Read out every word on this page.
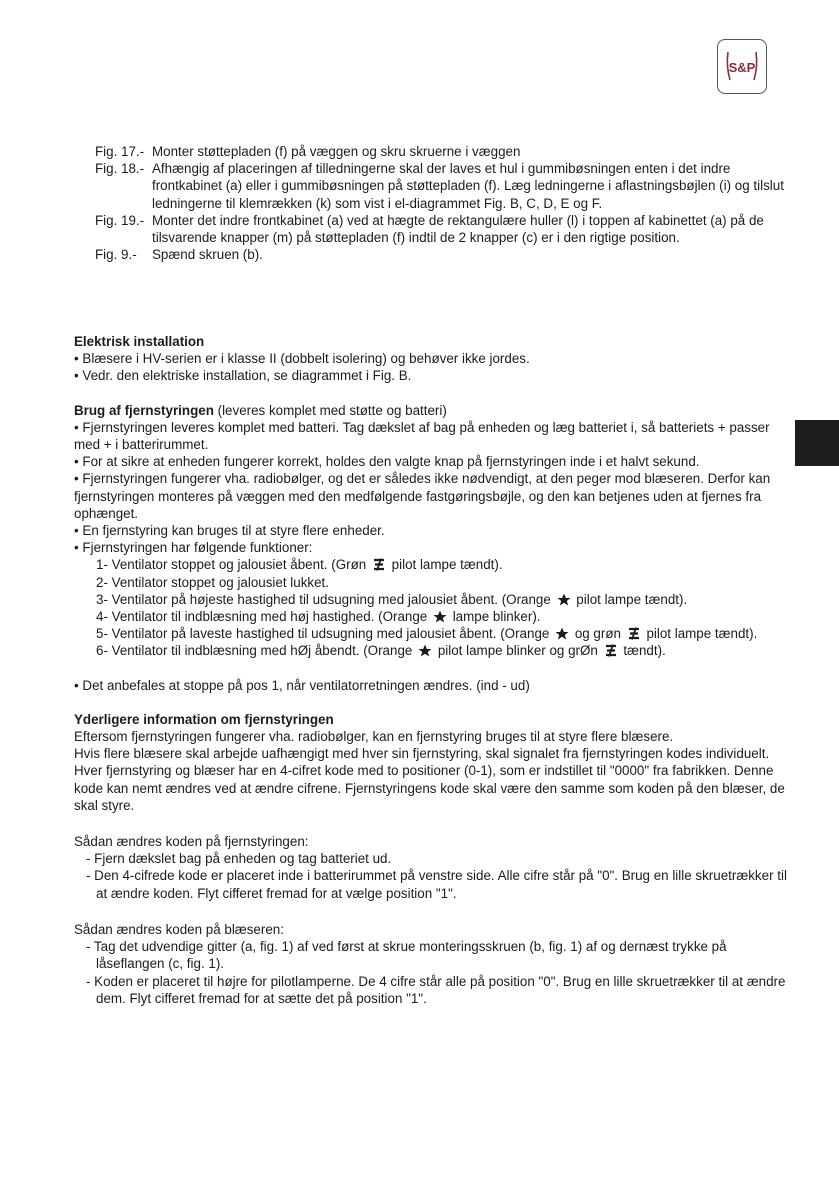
S&P
Fig. 17.- Monter støttepladen (f) på væggen og skru skruerne i væggen
Fig. 18.- Afhængig af placeringen af tilledningerne skal der laves et hul i gummibøsningen enten i det indre frontkabinet (a) eller i gummibøsningen på støttepladen (f). Læg ledningerne i aflastningsbøjlen (i) og tilslut ledningerne til klemrækken (k) som vist i el-diagrammet Fig. B, C, D, E og F.
Fig. 19.- Monter det indre frontkabinet (a) ved at hægte de rektangulære huller (l) i toppen af kabinettet (a) på de tilsvarende knapper (m) på støttepladen (f) indtil de 2 knapper (c) er i den rigtige position.
Fig. 9.-	Spænd skruen (b).

Elektrisk installation

• Blæsere i HV-serien er i klasse II (dobbelt isolering) og behøver ikke jordes.

• Vedr. den elektriske installation, se diagrammet i Fig. B.

Brug af fjernstyringen (leveres komplet med støtte og batteri)

• Fjernstyringen leveres komplet med batteri. Tag dækslet af bag på enheden og læg batteriet i, så batteriets + passer med + i batterirummet.

• For at sikre at enheden fungerer korrekt, holdes den valgte knap på fjernstyringen inde i et halvt sekund.

• Fjernstyringen fungerer vha. radiobølger, og det er således ikke nødvendigt, at den peger mod blæseren. Derfor kan fjernstyringen monteres på væggen med den medfølgende fastgøringsbøjle, og den kan betjenes uden at fjernes fra ophænget.

• En fjernstyring kan bruges til at styre flere enheder.

• Fjernstyringen har følgende funktioner:

1- Ventilator stoppet og jalousiet åbent. (Grøn pilot lampe tændt).

2- Ventilator stoppet og jalousiet lukket.

3- Ventilator på højeste hastighed til udsugning med jalousiet åbent. (Orange pilot lampe tændt).

4- Ventilator til indblæsning med høj hastighed. (Orange lampe blinker).

5- Ventilator på laveste hastighed til udsugning med jalousiet åbent. (Orange og grøn pilot lampe tændt).

6- Ventilator til indblæsning med hØj åbendt. (Orange pilot lampe blinker og grØn tændt).

• Det anbefales at stoppe på pos 1, når ventilatorretningen ændres. (ind - ud)

Yderligere information om fjernstyringen

Eftersom fjernstyringen fungerer vha. radiobølger, kan en fjernstyring bruges til at styre flere blæsere.

Hvis flere blæsere skal arbejde uafhængigt med hver sin fjernstyring, skal signalet fra fjernstyringen kodes individuelt. Hver fjernstyring og blæser har en 4-cifret kode med to positioner (0-1), som er indstillet til "0000" fra fabrikken. Denne kode kan nemt ændres ved at ændre cifrene. Fjernstyringens kode skal være den samme som koden på den blæser, de skal styre.

Sådan ændres koden på fjernstyringen:

- Fjern dækslet bag på enheden og tag batteriet ud.

- Den 4-cifrede kode er placeret inde i batterirummet på venstre side. Alle cifre står på "0". Brug en lille skruetrækker til at ændre koden. Flyt cifferet fremad for at vælge position "1".

Sådan ændres koden på blæseren:

- Tag det udvendige gitter (a, fig. 1) af ved først at skrue monteringsskruen (b, fig. 1) af og dernæst trykke på låseflangen (c, fig. 1).

- Koden er placeret til højre for pilotlamperne. De 4 cifre står alle på position "0". Brug en lille skruetrækker til at ændre dem. Flyt cifferet fremad for at sætte det på position "1".
